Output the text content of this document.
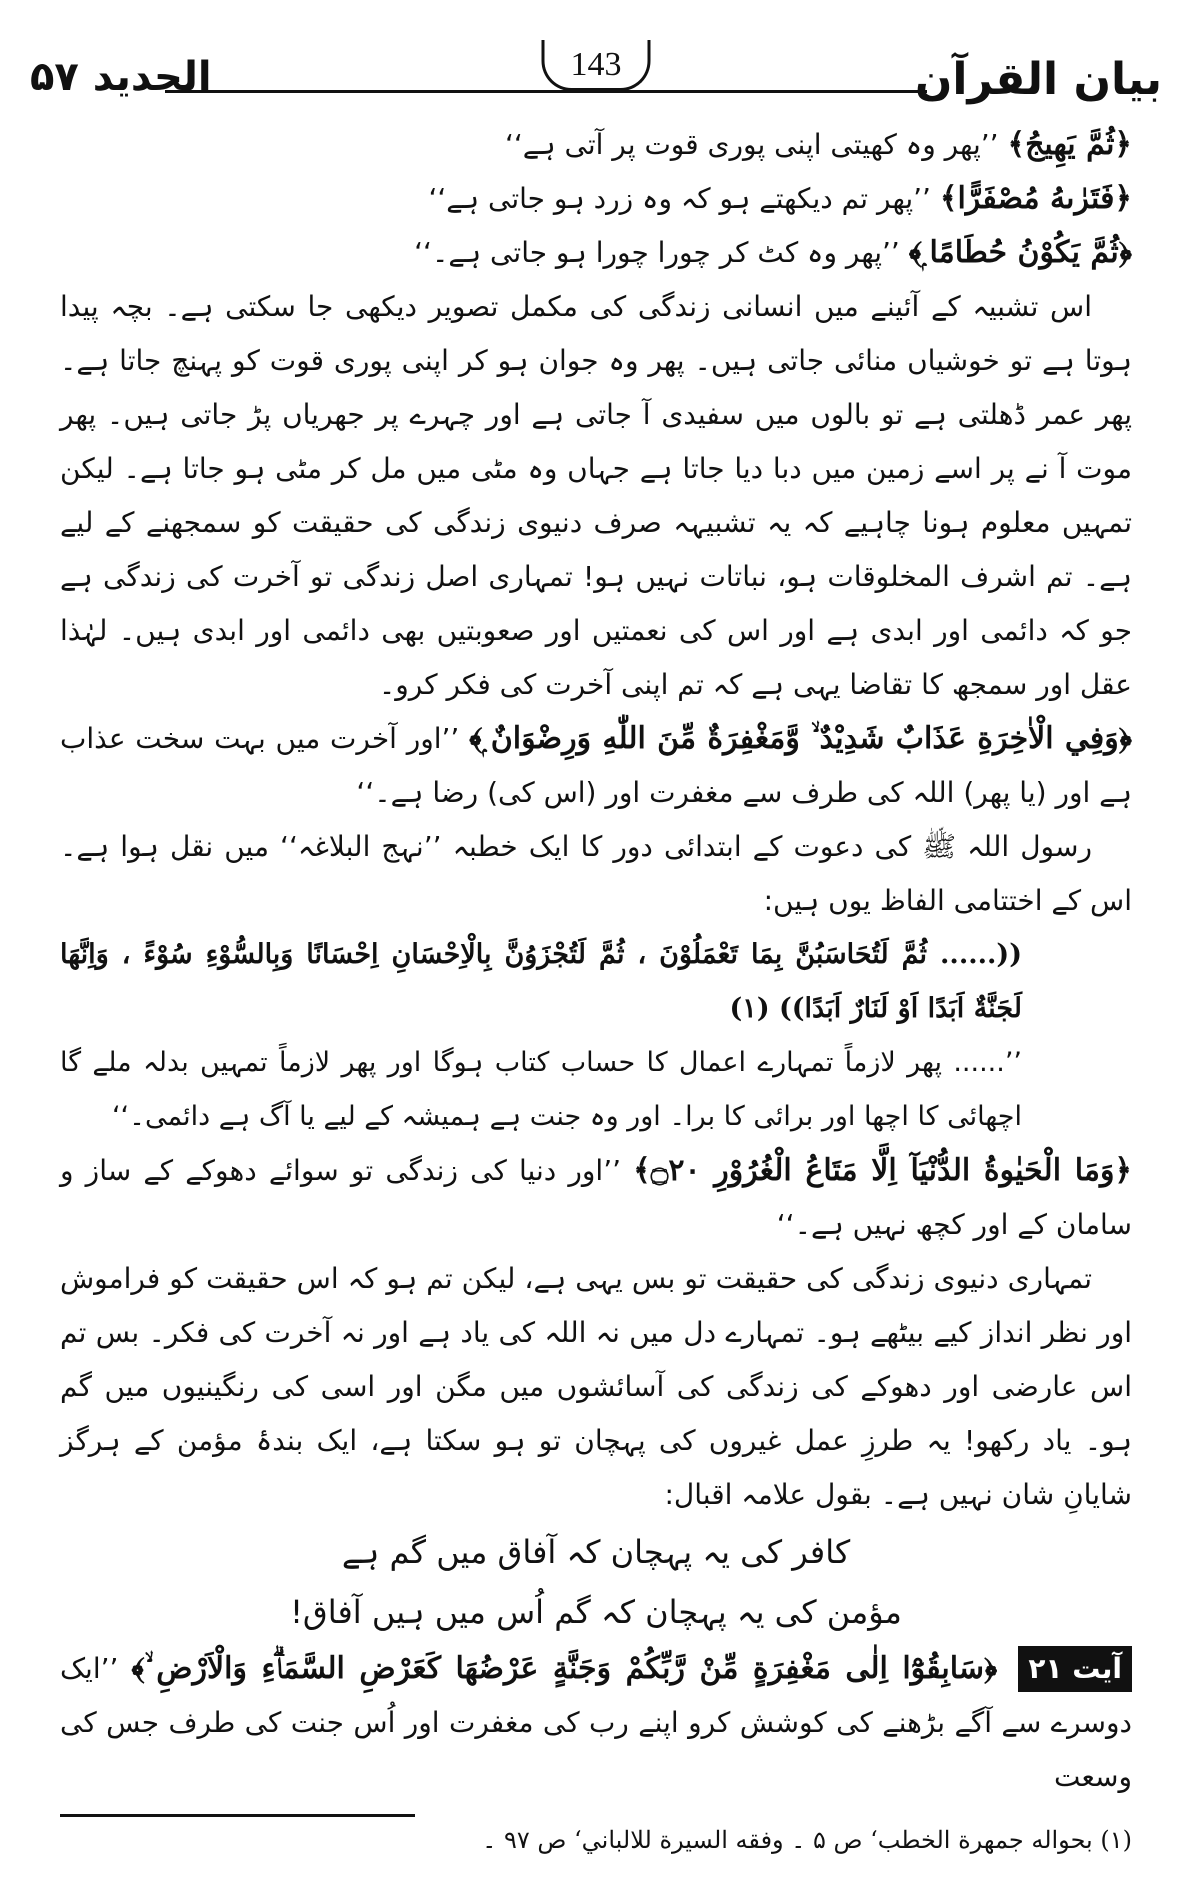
بیان القرآن
143
الحدید ۵۷

﴿ثُمَّ يَهِيجُ﴾ ’’پھر وہ کھیتی اپنی پوری قوت پر آتی ہے‘‘

﴿فَتَرٰىهُ مُصْفَرًّا﴾ ’’پھر تم دیکھتے ہو کہ وہ زرد ہو جاتی ہے‘‘

﴿ثُمَّ يَكُوْنُ حُطَامًا ۭ﴾ ’’پھر وہ کٹ کر چورا چورا ہو جاتی ہے۔‘‘

اس تشبیہ کے آئینے میں انسانی زندگی کی مکمل تصویر دیکھی جا سکتی ہے۔ بچہ پیدا ہوتا ہے تو خوشیاں منائی جاتی ہیں۔ پھر وہ جوان ہو کر اپنی پوری قوت کو پہنچ جاتا ہے۔ پھر عمر ڈھلتی ہے تو بالوں میں سفیدی آ جاتی ہے اور چہرے پر جھریاں پڑ جاتی ہیں۔ پھر موت آ نے پر اسے زمین میں دبا دیا جاتا ہے جہاں وہ مٹی میں مل کر مٹی ہو جاتا ہے۔ لیکن تمہیں معلوم ہونا چاہیے کہ یہ تشبیہہ صرف دنیوی زندگی کی حقیقت کو سمجھنے کے لیے ہے۔ تم اشرف المخلوقات ہو، نباتات نہیں ہو! تمہاری اصل زندگی تو آخرت کی زندگی ہے جو کہ دائمی اور ابدی ہے اور اس کی نعمتیں اور صعوبتیں بھی دائمی اور ابدی ہیں۔ لہٰذا عقل اور سمجھ کا تقاضا یہی ہے کہ تم اپنی آخرت کی فکر کرو۔

﴿وَفِي الْاٰخِرَةِ عَذَابٌ شَدِيْدٌ ۙ وَّمَغْفِرَةٌ مِّنَ اللّٰهِ وَرِضْوَانٌ ۭ﴾ ’’اور آخرت میں بہت سخت عذاب ہے اور (یا پھر) اللہ کی طرف سے مغفرت اور (اس کی) رضا ہے۔‘‘

رسول اللہ ﷺ کی دعوت کے ابتدائی دور کا ایک خطبہ ’’نہج البلاغہ‘‘ میں نقل ہوا ہے۔ اس کے اختتامی الفاظ یوں ہیں:

((...... ثُمَّ لَتُحَاسَبُنَّ بِمَا تَعْمَلُوْنَ ، ثُمَّ لَتُجْزَوُنَّ بِالْاِحْسَانِ اِحْسَانًا وَبِالسُّوْءِ سُوْءً ، وَاِنَّھَا لَجَنَّةٌ اَبَدًا اَوْ لَنَارٌ اَبَدًا)) (۱)

’’...... پھر لازماً تمہارے اعمال کا حساب کتاب ہوگا اور پھر لازماً تمہیں بدلہ ملے گا اچھائی کا اچھا اور برائی کا برا۔ اور وہ جنت ہے ہمیشہ کے لیے یا آگ ہے دائمی۔‘‘

﴿وَمَا الْحَيٰوةُ الدُّنْيَآ اِلَّا مَتَاعُ الْغُرُوْرِ ۝۲۰﴾ ’’اور دنیا کی زندگی تو سوائے دھوکے کے ساز و سامان کے اور کچھ نہیں ہے۔‘‘

تمہاری دنیوی زندگی کی حقیقت تو بس یہی ہے، لیکن تم ہو کہ اس حقیقت کو فراموش اور نظر انداز کیے بیٹھے ہو۔ تمہارے دل میں نہ اللہ کی یاد ہے اور نہ آخرت کی فکر۔ بس تم اس عارضی اور دھوکے کی زندگی کی آسائشوں میں مگن اور اسی کی رنگینیوں میں گم ہو۔ یاد رکھو! یہ طرزِ عمل غیروں کی پہچان تو ہو سکتا ہے، ایک بندۂ مؤمن کے ہرگز شایانِ شان نہیں ہے۔ بقول علامہ اقبال:

کافر کی یہ پہچان کہ آفاق میں گم ہے

مؤمن کی یہ پہچان کہ گم اُس میں ہیں آفاق!

آیت ۲۱ ﴿سَابِقُوْٓا اِلٰى مَغْفِرَةٍ مِّنْ رَّبِّكُمْ وَجَنَّةٍ عَرْضُهَا كَعَرْضِ السَّمَاۗءِ وَالْاَرْضِ ۙ﴾ ’’ایک دوسرے سے آگے بڑھنے کی کوشش کرو اپنے رب کی مغفرت اور اُس جنت کی طرف جس کی وسعت

(۱) بحواله جمهرة الخطب‘ ص ۵ ۔ وفقه السيرة للالباني‘ ص ۹۷ ۔
